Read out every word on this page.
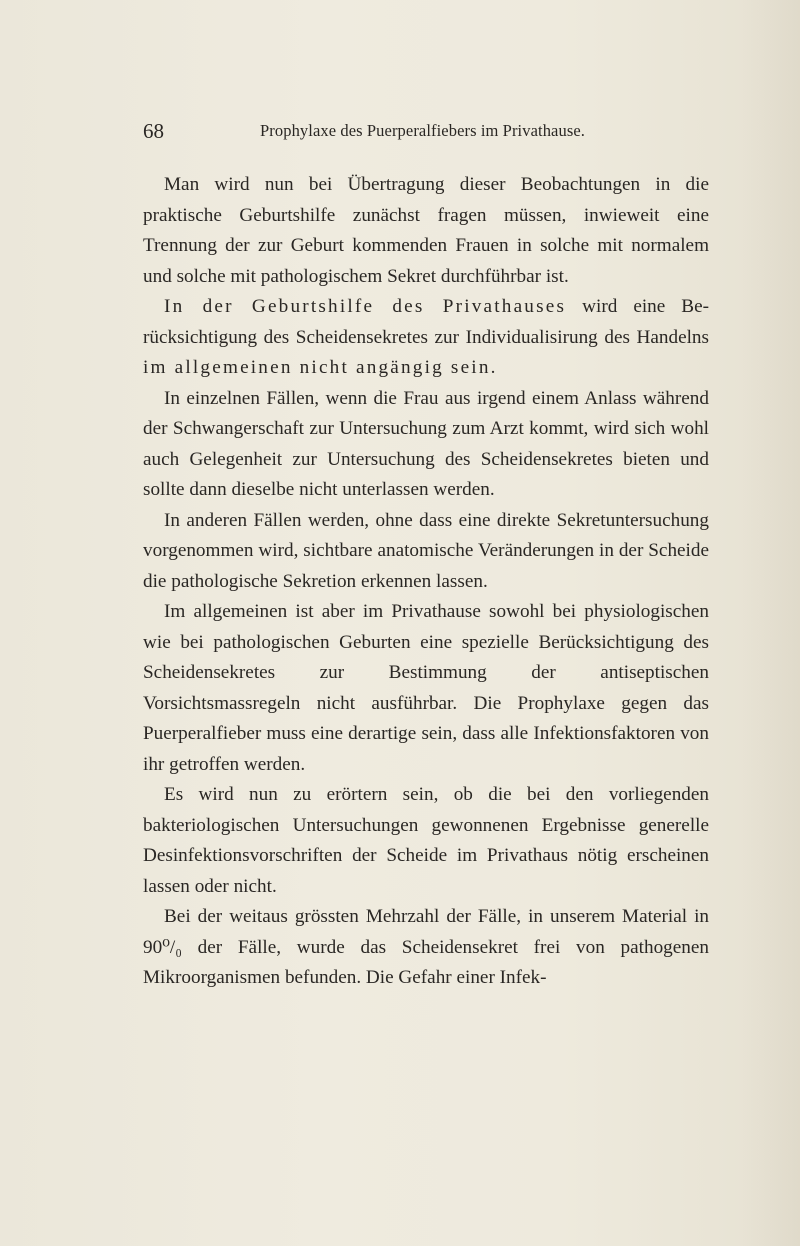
68	Prophylaxe des Puerperalfiebers im Privathause.

Man wird nun bei Übertragung dieser Beobachtungen in die praktische Geburtshilfe zunächst fragen müssen, inwieweit eine Trennung der zur Geburt kommenden Frauen in solche mit normalem und solche mit pathologischem Sekret durchführbar ist.

In der Geburtshilfe des Privathauses wird eine Berücksichtigung des Scheidensekretes zur Individualisirung des Handelns im allgemeinen nicht angängig sein.

In einzelnen Fällen, wenn die Frau aus irgend einem Anlass während der Schwangerschaft zur Untersuchung zum Arzt kommt, wird sich wohl auch Gelegenheit zur Untersuchung des Scheidensekretes bieten und sollte dann dieselbe nicht unterlassen werden.

In anderen Fällen werden, ohne dass eine direkte Sekretuntersuchung vorgenommen wird, sichtbare anatomische Veränderungen in der Scheide die pathologische Sekretion erkennen lassen.

Im allgemeinen ist aber im Privathause sowohl bei physiologischen wie bei pathologischen Geburten eine spezielle Berücksichtigung des Scheidensekretes zur Bestimmung der antiseptischen Vorsichtsmassregeln nicht ausführbar. Die Prophylaxe gegen das Puerperalfieber muss eine derartige sein, dass alle Infektionsfaktoren von ihr getroffen werden.

Es wird nun zu erörtern sein, ob die bei den vorliegenden bakteriologischen Untersuchungen gewonnenen Ergebnisse generelle Desinfektionsvorschriften der Scheide im Privathaus nötig erscheinen lassen oder nicht.

Bei der weitaus grössten Mehrzahl der Fälle, in unserem Material in 90⁰/₀ der Fälle, wurde das Scheidensekret frei von pathogenen Mikroorganismen befunden. Die Gefahr einer Infek-
